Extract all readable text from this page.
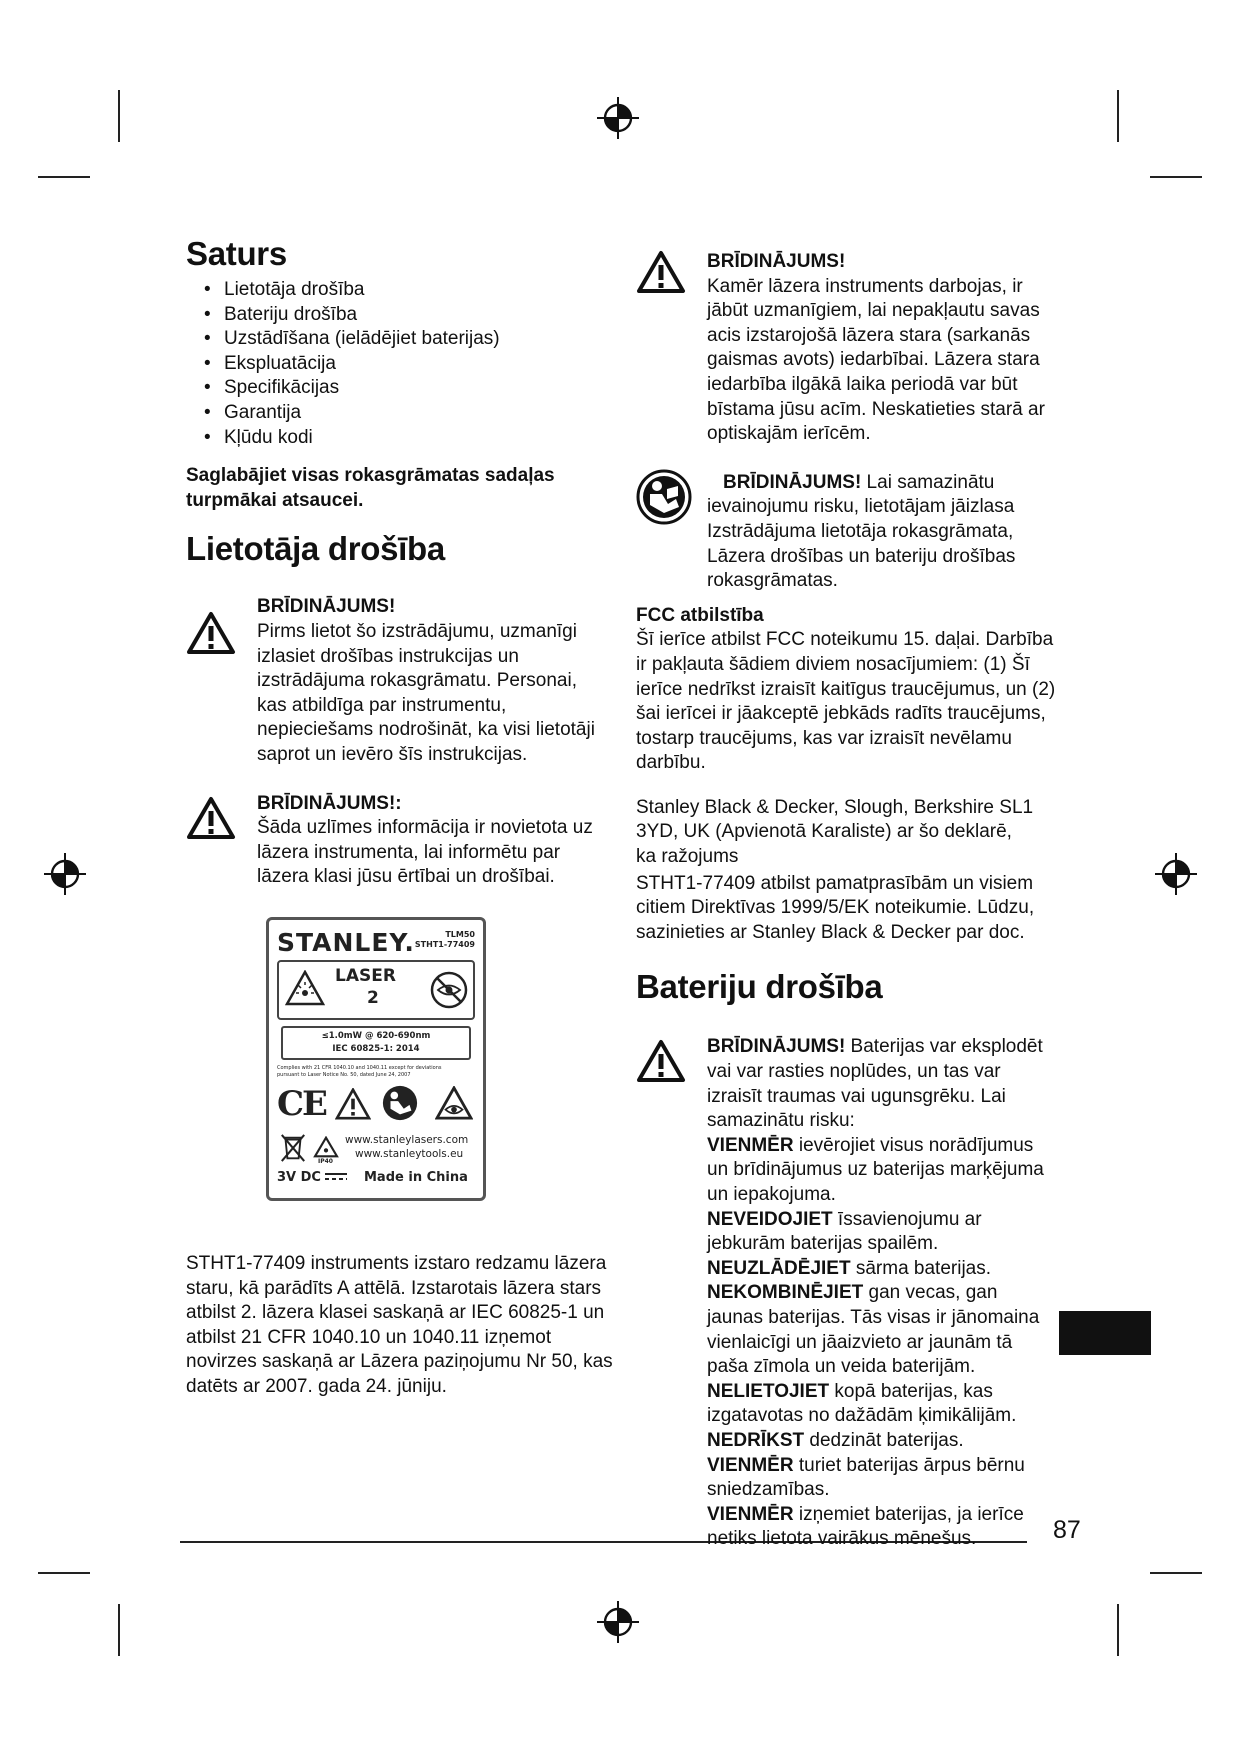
87
Saturs
• Lietotāja drošība
• Bateriju drošība
• Uzstādīšana (ielādējiet baterijas)
• Ekspluatācija
• Specifikācijas
• Garantija
• Kļūdu kodi

Saglabājiet visas rokasgrāmatas sadaļas turpmākai atsaucei.

Lietotāja drošība
BRĪDINĀJUMS!

Pirms lietot šo izstrādājumu, uzmanīgi izlasiet drošības instrukcijas un izstrādājuma rokasgrāmatu. Personai, kas atbildīga par instrumentu, nepieciešams nodrošināt, ka visi lietotāji saprot un ievēro šīs instrukcijas.

BRĪDINĀJUMS!:

Šāda uzlīmes informācija ir novietota uz lāzera instrumenta, lai informētu par lāzera klasi jūsu ērtībai un drošībai.

STANLEY.	TLM50
STHT1-77409
LASER
2
≤1.0mW @ 620-690nm
IEC 60825-1: 2014
Complies with 21 CFR 1040.10 and 1040.11 except for deviations
pursuant to Laser Notice No. 50, dated June 24, 2007
CE
IP40
www.stanleylasers.com
www.stanleytools.eu
3V DC	Made in China

STHT1-77409 instruments izstaro redzamu lāzera staru, kā parādīts A attēlā. Izstarotais lāzera stars atbilst 2. lāzera klasei saskaņā ar IEC 60825-1 un atbilst 21 CFR 1040.10 un 1040.11 izņemot novirzes saskaņā ar Lāzera paziņojumu Nr 50, kas datēts ar 2007. gada 24. jūniju.

BRĪDINĀJUMS!

Kamēr lāzera instruments darbojas, ir jābūt uzmanīgiem, lai nepakļautu savas acis izstarojošā lāzera stara (sarkanās gaismas avots) iedarbībai. Lāzera stara iedarbība ilgākā laika periodā var būt bīstama jūsu acīm. Neskatieties starā ar optiskajām ierīcēm.

BRĪDINĀJUMS! Lai samazinātu ievainojumu risku, lietotājam jāizlasa Izstrādājuma lietotāja rokasgrāmata, Lāzera drošības un bateriju drošības rokasgrāmatas.
FCC atbilstība

Šī ierīce atbilst FCC noteikumu 15. daļai. Darbība ir pakļauta šādiem diviem nosacījumiem: (1) Šī ierīce nedrīkst izraisīt kaitīgus traucējumus, un (2) šai ierīcei ir jāakceptē jebkāds radīts traucējums, tostarp traucējums, kas var izraisīt nevēlamu darbību.

Stanley Black & Decker, Slough, Berkshire SL1 3YD, UK (Apvienotā Karaliste) ar šo deklarē, ka ražojums

STHT1-77409 atbilst pamatprasībām un visiem citiem Direktīvas 1999/5/EK noteikumie. Lūdzu, sazinieties ar Stanley Black & Decker par doc.

Bateriju drošība

BRĪDINĀJUMS! Baterijas var eksplodēt vai var rasties noplūdes, un tas var izraisīt traumas vai ugunsgrēku. Lai samazinātu risku:

VIENMĒR ievērojiet visus norādījumus un brīdinājumus uz baterijas marķējuma un iepakojuma.

NEVEIDOJIET īssavienojumu ar jebkurām baterijas spailēm.

NEUZLĀDĒJIET sārma baterijas.

NEKOMBINĒJIET gan vecas, gan jaunas baterijas. Tās visas ir jānomaina vienlaicīgi un jāaizvieto ar jaunām tā paša zīmola un veida baterijām.

NELIETOJIET kopā baterijas, kas izgatavotas no dažādām ķimikālijām.

NEDRĪKST dedzināt baterijas.

VIENMĒR turiet baterijas ārpus bērnu sniedzamības.

VIENMĒR izņemiet baterijas, ja ierīce netiks lietota vairākus mēnešus.
